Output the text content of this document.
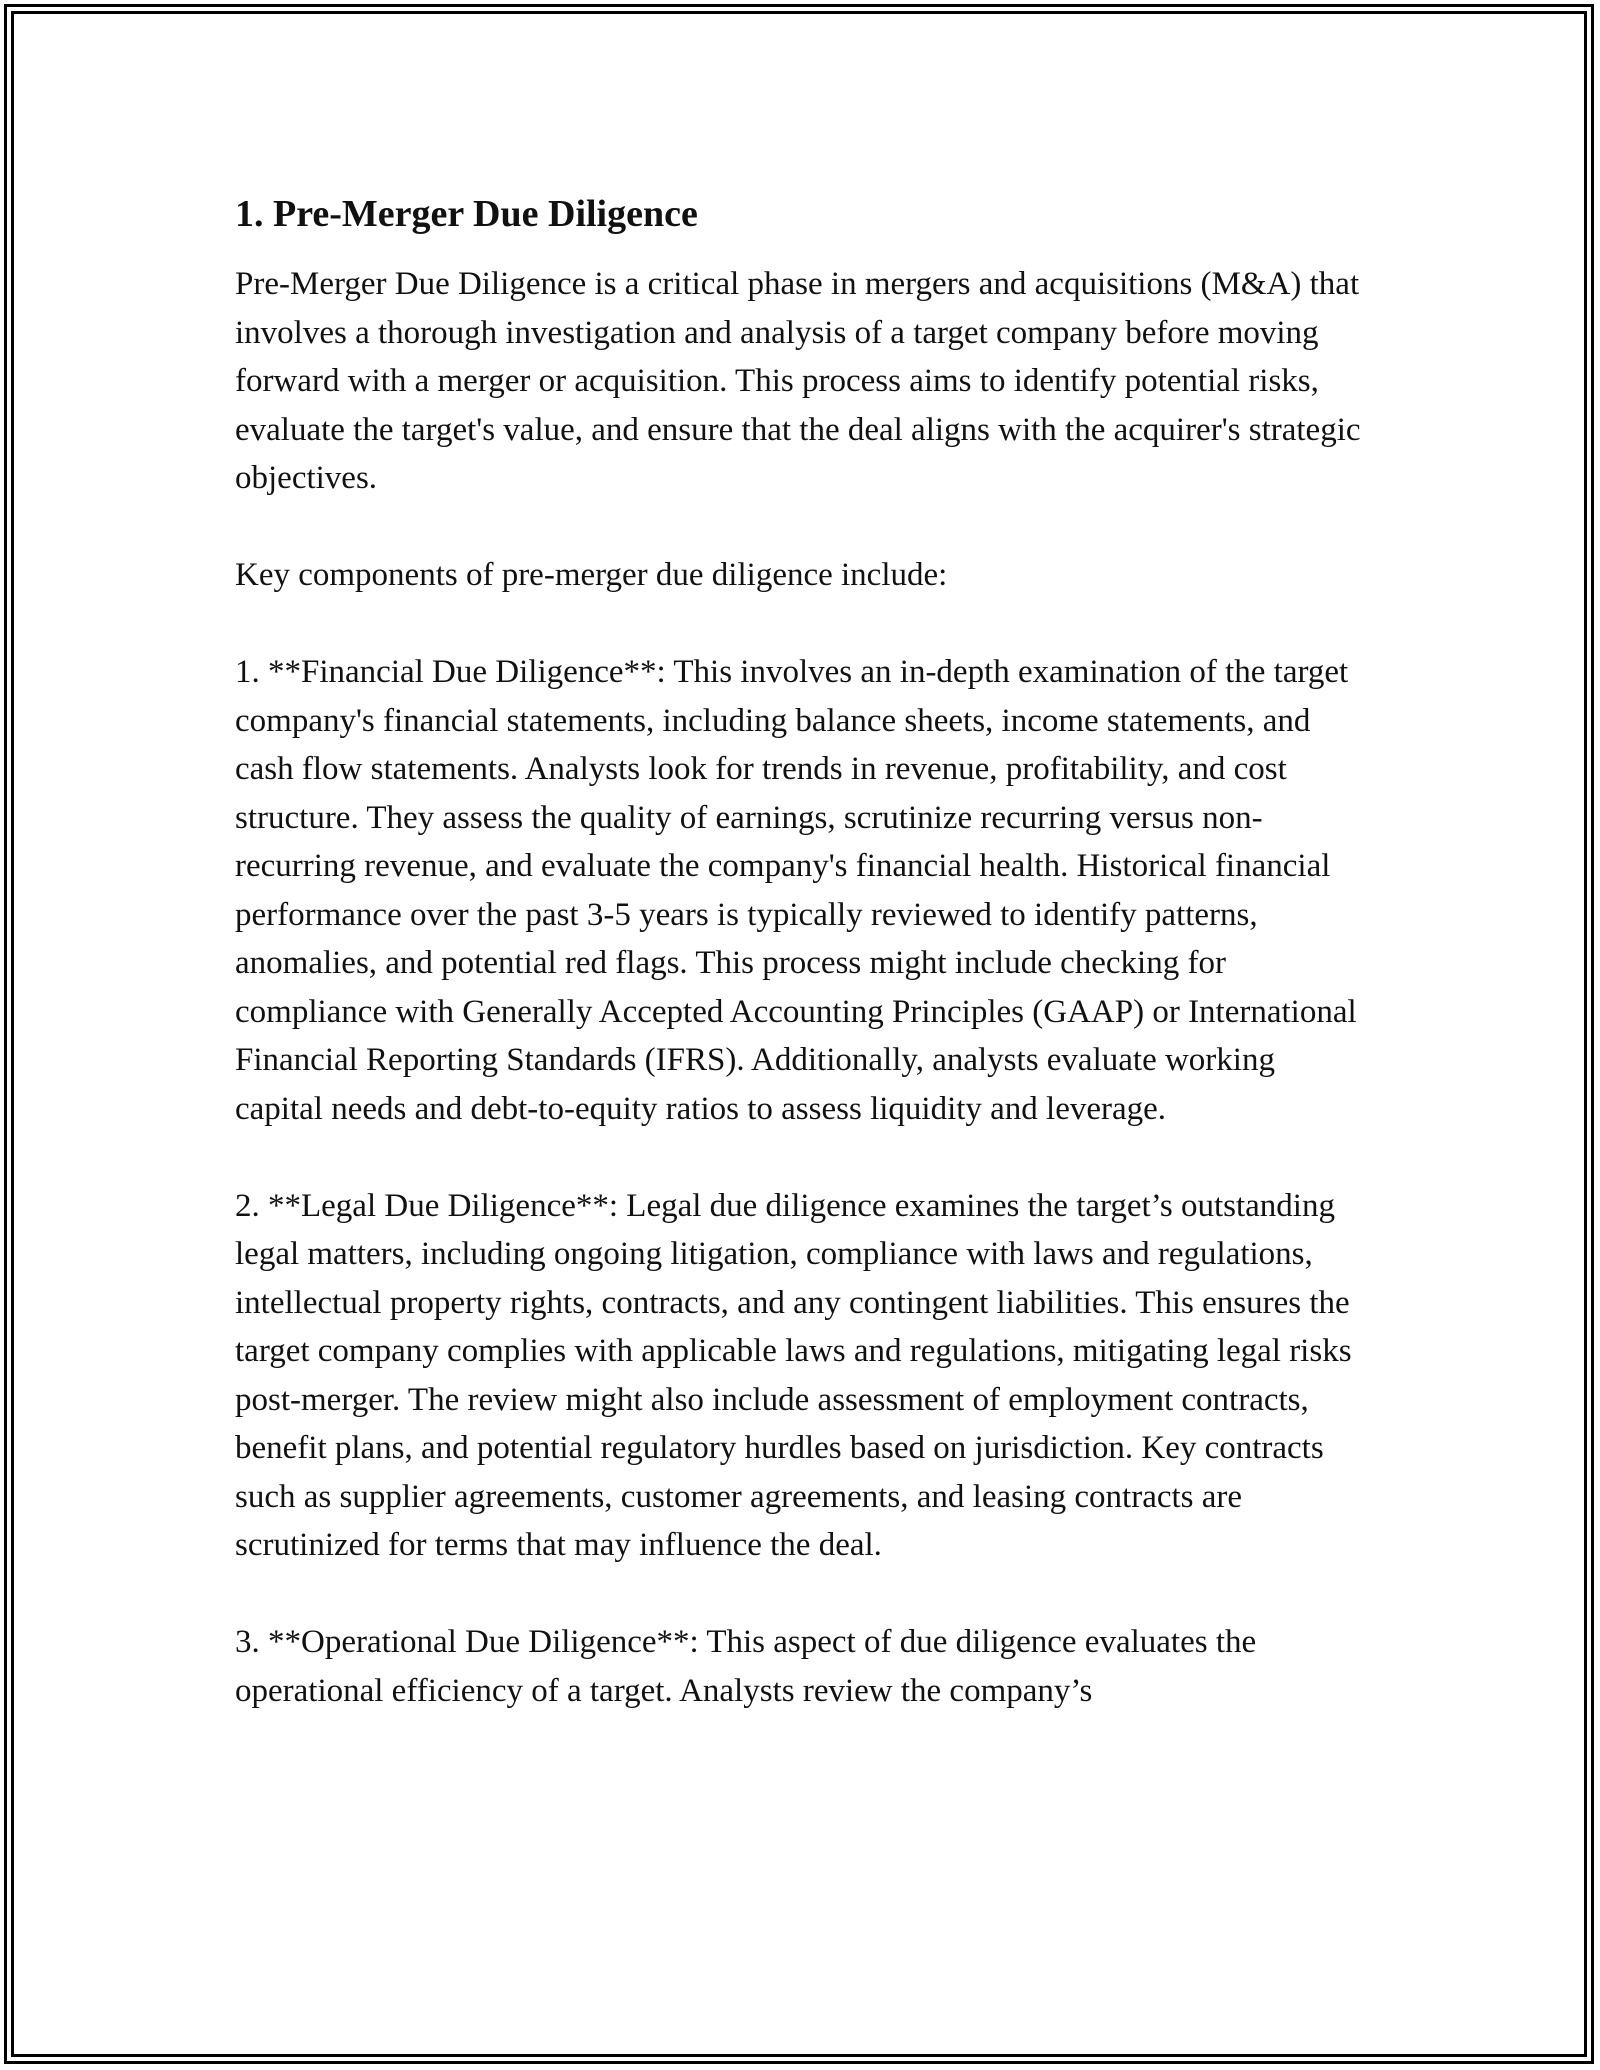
1. Pre-Merger Due Diligence

Pre-Merger Due Diligence is a critical phase in mergers and acquisitions (M&A) that involves a thorough investigation and analysis of a target company before moving forward with a merger or acquisition. This process aims to identify potential risks, evaluate the target's value, and ensure that the deal aligns with the acquirer's strategic objectives.

Key components of pre-merger due diligence include:

1. **Financial Due Diligence**: This involves an in-depth examination of the target company's financial statements, including balance sheets, income statements, and cash flow statements. Analysts look for trends in revenue, profitability, and cost structure. They assess the quality of earnings, scrutinize recurring versus non-recurring revenue, and evaluate the company's financial health. Historical financial performance over the past 3-5 years is typically reviewed to identify patterns, anomalies, and potential red flags. This process might include checking for compliance with Generally Accepted Accounting Principles (GAAP) or International Financial Reporting Standards (IFRS). Additionally, analysts evaluate working capital needs and debt-to-equity ratios to assess liquidity and leverage.

2. **Legal Due Diligence**: Legal due diligence examines the target’s outstanding legal matters, including ongoing litigation, compliance with laws and regulations, intellectual property rights, contracts, and any contingent liabilities. This ensures the target company complies with applicable laws and regulations, mitigating legal risks post-merger. The review might also include assessment of employment contracts, benefit plans, and potential regulatory hurdles based on jurisdiction. Key contracts such as supplier agreements, customer agreements, and leasing contracts are scrutinized for terms that may influence the deal.

3. **Operational Due Diligence**: This aspect of due diligence evaluates the operational efficiency of a target. Analysts review the company’s
